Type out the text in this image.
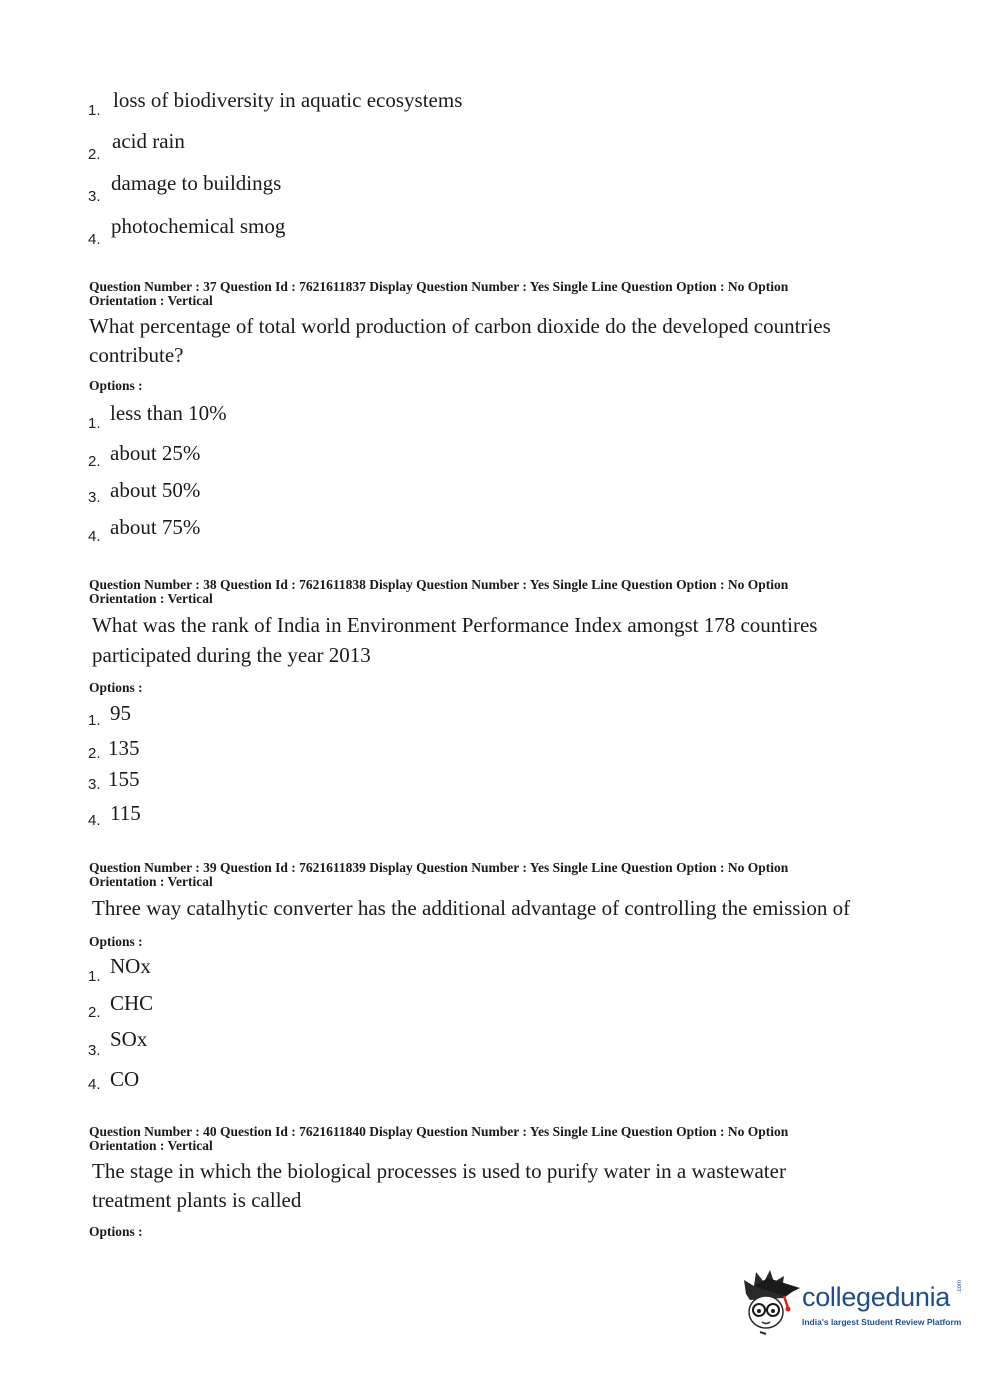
1. loss of biodiversity in aquatic ecosystems
2.
acid rain
3.
damage to buildings
4.
photochemical smog
Question Number : 37 Question Id : 7621611837 Display Question Number : Yes Single Line Question Option : No Option
Orientation : Vertical
What percentage of total world production of carbon dioxide do the developed countries contribute?
Options :
1. less than 10%
2. about 25%
3. about 50%
4. about 75%
Question Number : 38 Question Id : 7621611838 Display Question Number : Yes Single Line Question Option : No Option
Orientation : Vertical
What was the rank of India in Environment Performance Index amongst 178 countires participated during the year 2013
Options :
1. 95
2. 135
3. 155
4. 115
Question Number : 39 Question Id : 7621611839 Display Question Number : Yes Single Line Question Option : No Option
Orientation : Vertical
Three way catalhytic converter has the additional advantage of controlling the emission of
Options :
1. NOx
2. CHC
3. SOx
4. CO
Question Number : 40 Question Id : 7621611840 Display Question Number : Yes Single Line Question Option : No Option
Orientation : Vertical
The stage in which the biological processes is used to purify water in a wastewater treatment plants is called
Options :
collegedunia .com
India's largest Student Review Platform
